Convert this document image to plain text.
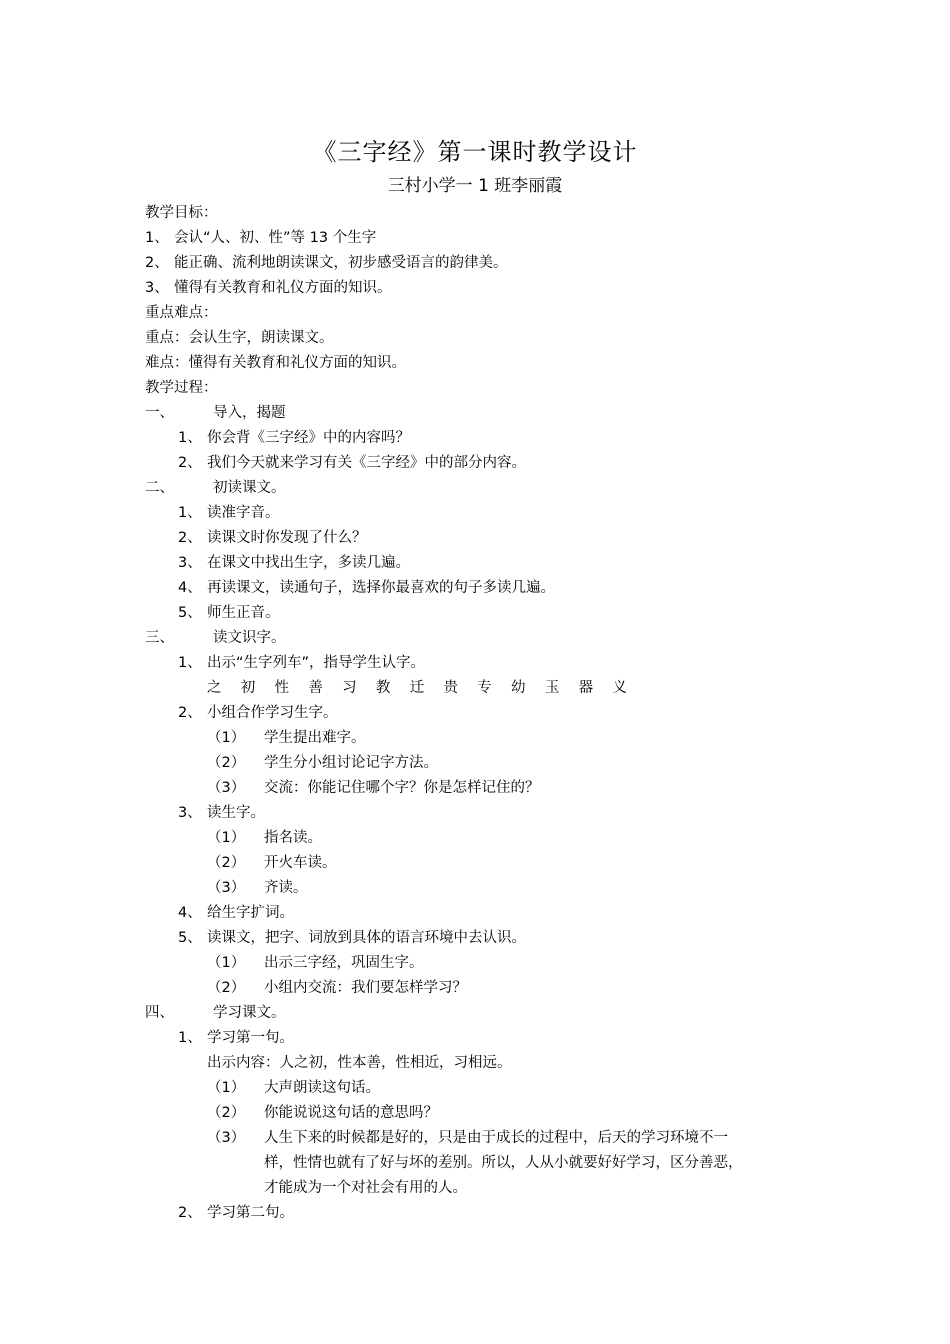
《三字经》第一课时教学设计
三村小学一 1 班李丽霞
教学目标：
1、 会认“人、初、性”等 13 个生字
2、 能正确、流利地朗读课文，初步感受语言的韵律美。
3、 懂得有关教育和礼仪方面的知识。
重点难点：
重点：会认生字，朗读课文。
难点：懂得有关教育和礼仪方面的知识。
教学过程：
一、	导入，揭题
1、 你会背《三字经》中的内容吗？
2、 我们今天就来学习有关《三字经》中的部分内容。
二、	初读课文。
1、 读准字音。
2、 读课文时你发现了什么？
3、 在课文中找出生字，多读几遍。
4、 再读课文，读通句子，选择你最喜欢的句子多读几遍。
5、 师生正音。
三、	读文识字。
1、 出示“生字列车”，指导学生认字。
之 初 性 善 习 教 迁 贵 专 幼 玉 器 义
2、 小组合作学习生字。
（1） 学生提出难字。
（2） 学生分小组讨论记字方法。
（3） 交流：你能记住哪个字？你是怎样记住的？
3、 读生字。
（1） 指名读。
（2） 开火车读。
（3） 齐读。
4、 给生字扩词。
5、 读课文，把字、词放到具体的语言环境中去认识。
（1） 出示三字经，巩固生字。
（2） 小组内交流：我们要怎样学习？
四、	学习课文。
1、 学习第一句。
出示内容：人之初，性本善，性相近，习相远。
（1） 大声朗读这句话。
（2） 你能说说这句话的意思吗？
（3） 人生下来的时候都是好的，只是由于成长的过程中，后天的学习环境不一
样，性情也就有了好与坏的差别。所以，人从小就要好好学习，区分善恶，
才能成为一个对社会有用的人。
2、 学习第二句。
